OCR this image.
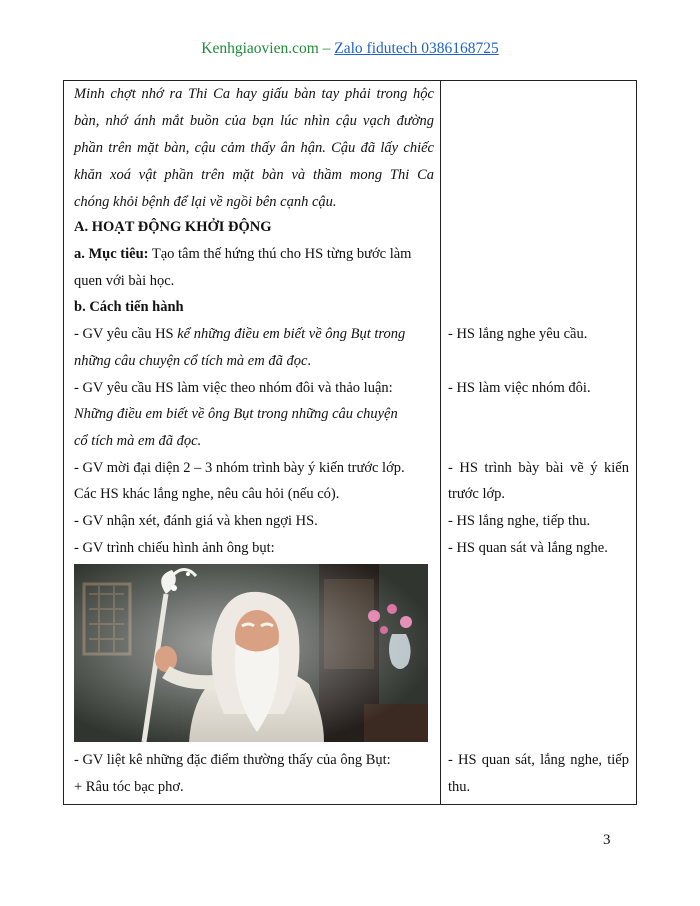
Kenhgiaovien.com – Zalo fidutech 0386168725
Minh chợt nhớ ra Thi Ca hay giấu bàn tay phải trong hộc
bàn, nhớ ánh mắt buồn của bạn lúc nhìn cậu vạch đường
phần trên mặt bàn, cậu cảm thấy ân hận. Cậu đã lấy chiếc
khăn xoá vật phần trên mặt bàn và thầm mong Thi Ca
chóng khỏi bệnh để lại về ngồi bên cạnh cậu.
A. HOẠT ĐỘNG KHỞI ĐỘNG
a. Mục tiêu: Tạo tâm thế hứng thú cho HS từng bước làm
quen với bài học.
b. Cách tiến hành
- GV yêu cầu HS kể những điều em biết về ông Bụt trong
những câu chuyện cổ tích mà em đã đọc.
- GV yêu cầu HS làm việc theo nhóm đôi và thảo luận:
Những điều em biết về ông Bụt trong những câu chuyện
cổ tích mà em đã đọc.
- GV mời đại diện 2 – 3 nhóm trình bày ý kiến trước lớp.
Các HS khác lắng nghe, nêu câu hỏi (nếu có).
- GV nhận xét, đánh giá và khen ngợi HS.
- GV trình chiếu hình ảnh ông bụt:
- GV liệt kê những đặc điểm thường thấy của ông Bụt:
+ Râu tóc bạc phơ.
- HS lắng nghe yêu cầu.
- HS làm việc nhóm đôi.
- HS trình bày bài vẽ ý kiến
trước lớp.
- HS lắng nghe, tiếp thu.
- HS quan sát và lắng nghe.
- HS quan sát, lắng nghe, tiếp
thu.
3
